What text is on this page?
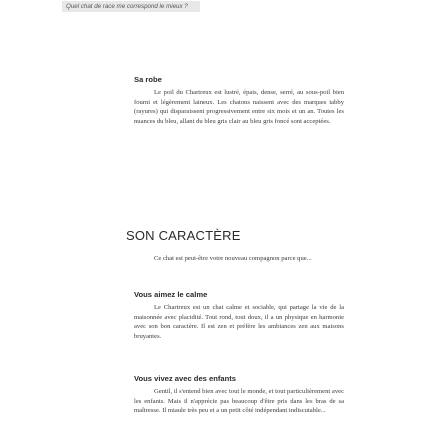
Quel chat de race me correspond le mieux ?
Sa robe

Le poil du Chartreux est lustré, épais, dense, serré, au sous-poil bien fourni et légèrement laineux. Les chatons naissent avec des marques tabby (rayures) qui disparaissent progressivement entre six mois et un an. Toutes les nuances du bleu, allant du bleu gris clair au bleu gris foncé sont acceptées.

SON CARACTÈRE

Ce chat est peut-être votre nouveau compagnon parce que...

Vous aimez le calme

Le Chartreux est un chat calme et sociable, qui partage la vie de la maisonnée avec placidité. Tout rond, tout doux, il a un physique en harmonie avec son bon caractère. Il est zen et préfère les ambiances zen aux maisons bruyantes.

Vous vivez avec des enfants

Gentil, il s'entend bien avec tout le monde, et tout particulièrement avec les enfants. Mais il n'apprécie pas beaucoup d'être pris dans les bras de sa maîtresse. Il miaule très peu et a un petit côté indépendant indiscutable...
